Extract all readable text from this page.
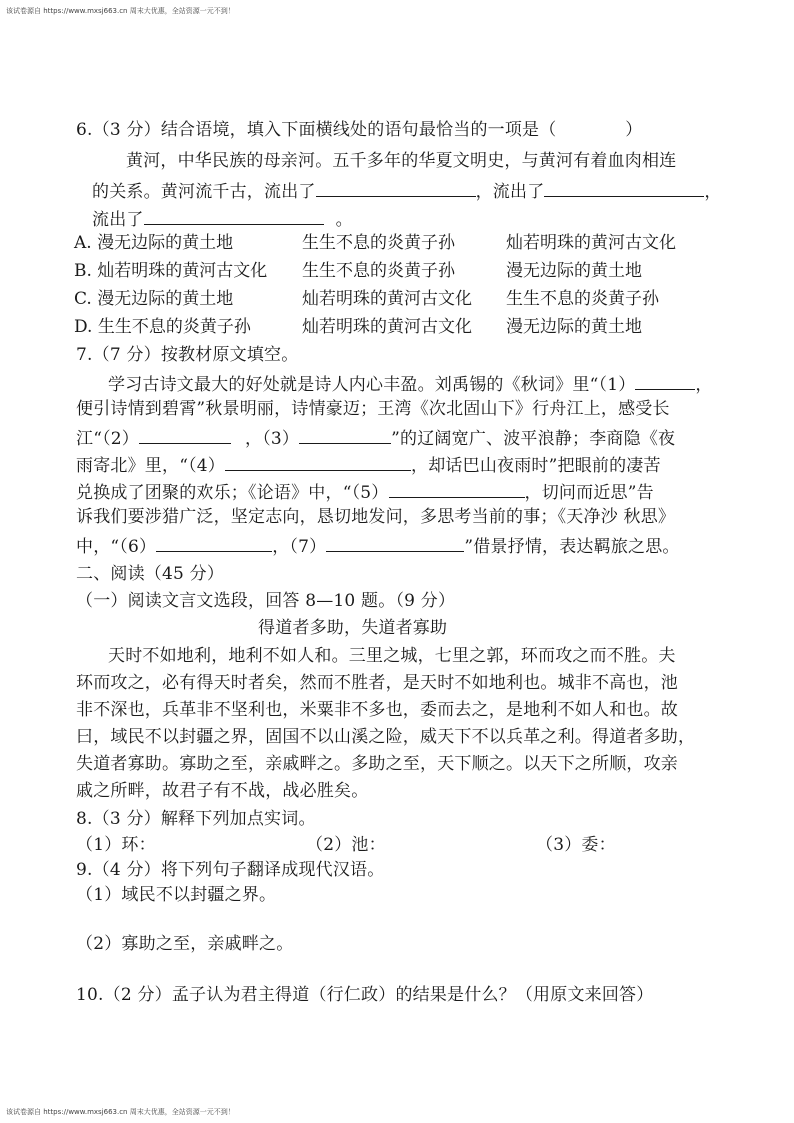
该试卷源自 https://www.mxsj663.cn 周末大优惠，全站资源一元不到！
6.（3 分）结合语境，填入下面横线处的语句最恰当的一项是（　　　　）
黄河，中华民族的母亲河。五千多年的华夏文明史，与黄河有着血肉相连
的关系。黄河流千古，流出了	，流出了	，
流出了	。
A. 漫无边际的黄土地	生生不息的炎黄子孙	灿若明珠的黄河古文化
B. 灿若明珠的黄河古文化 生生不息的炎黄子孙	漫无边际的黄土地
C. 漫无边际的黄土地	灿若明珠的黄河古文化 生生不息的炎黄子孙
D. 生生不息的炎黄子孙	灿若明珠的黄河古文化 漫无边际的黄土地
7.（7 分）按教材原文填空。
学习古诗文最大的好处就是诗人内心丰盈。刘禹锡的《秋词》里“（1）	，
便引诗情到碧霄”秋景明丽，诗情豪迈；王湾《次北固山下》行舟江上，感受长
江“（2）	，（3）	”的辽阔宽广、波平浪静；李商隐《夜
雨寄北》里，“（4）	，却话巴山夜雨时”把眼前的凄苦
兑换成了团聚的欢乐；《论语》中，“（5）	，切问而近思”告
诉我们要涉猎广泛，坚定志向，恳切地发问，多思考当前的事；《天净沙 秋思》
中，“（6）	，（7）	”借景抒情，表达羁旅之思。
二、阅读（45 分）
（一）阅读文言文选段，回答 8—10 题。（9 分）
得道者多助，失道者寡助
天时不如地利，地利不如人和。三里之城，七里之郭，环而攻之而不胜。夫
环而攻之，必有得天时者矣，然而不胜者，是天时不如地利也。城非不高也，池
非不深也，兵革非不坚利也，米粟非不多也，委而去之，是地利不如人和也。故
曰，域民不以封疆之界，固国不以山溪之险，威天下不以兵革之利。得道者多助，
失道者寡助。寡助之至，亲戚畔之。多助之至，天下顺之。以天下之所顺，攻亲
戚之所畔，故君子有不战，战必胜矣。
8.（3 分）解释下列加点实词。
（1）环：	（2）池：	（3）委：
9.（4 分）将下列句子翻译成现代汉语。
（1）域民不以封疆之界。
（2）寡助之至，亲戚畔之。
10.（2 分）孟子认为君主得道（行仁政）的结果是什么？（用原文来回答）
该试卷源自 https://www.mxsj663.cn 周末大优惠，全站资源一元不到！
